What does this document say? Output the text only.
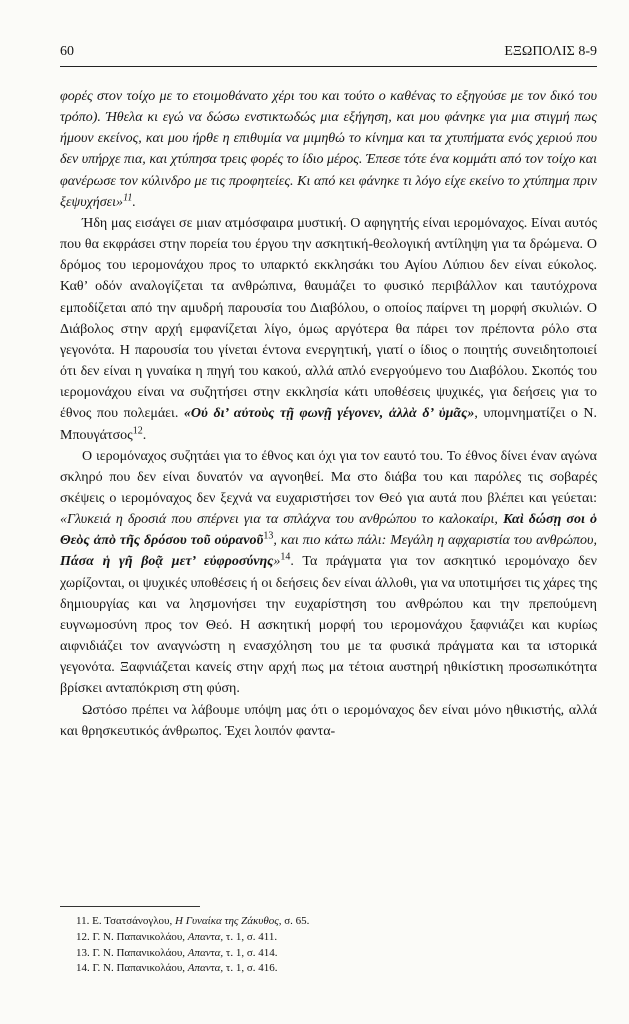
60	ΕΞΩΠΟΛΙΣ 8-9

φορές στον τοίχο με το ετοιμοθάνατο χέρι του και τούτο ο καθένας το εξηγούσε με τον δικό του τρόπο). Ήθελα κι εγώ να δώσω ενστικτωδώς μια εξήγηση, και μου φάνηκε για μια στιγμή πως ήμουν εκείνος, και μου ήρθε η επιθυμία να μιμηθώ το κίνημα και τα χτυπήματα ενός χεριού που δεν υπήρχε πια, και χτύπησα τρεις φορές το ίδιο μέρος. Έπεσε τότε ένα κομμάτι από τον τοίχο και φανέρωσε τον κύλινδρο με τις προφητείες. Κι από κει φάνηκε τι λόγο είχε εκείνο το χτύπημα πριν ξεψυχήσει»$^{11}$.

Ήδη μας εισάγει σε μιαν ατμόσφαιρα μυστική. Ο αφηγητής είναι ιερομόναχος. Είναι αυτός που θα εκφράσει στην πορεία του έργου την ασκητική-θεολογική αντίληψη για τα δρώμενα. Ο δρόμος του ιερομονάχου προς το υπαρκτό εκκλησάκι του Αγίου Λύπιου δεν είναι εύκολος. Καθ’ οδόν αναλογίζεται τα ανθρώπινα, θαυμάζει το φυσικό περιβάλλον και ταυτόχρονα εμποδίζεται από την αμυδρή παρουσία του Διαβόλου, ο οποίος παίρνει τη μορφή σκυλιών. Ο Διάβολος στην αρχή εμφανίζεται λίγο, όμως αργότερα θα πάρει τον πρέποντα ρόλο στα γεγονότα. Η παρουσία του γίνεται έντονα ενεργητική, γιατί ο ίδιος ο ποιητής συνειδητοποιεί ότι δεν είναι η γυναίκα η πηγή του κακού, αλλά απλό ενεργούμενο του Διαβόλου. Σκοπός του ιερομονάχου είναι να συζητήσει στην εκκλησία κάτι υποθέσεις ψυχικές, για δεήσεις για το έθνος που πολεμάει. «Οὐ δι’ αὐτοὺς τῇ φωνῇ γέγονεν, ἀλλὰ δ’ ὑμᾶς», υπομνηματίζει ο Ν. Μπουγάτσος$^{12}$.

Ο ιερομόναχος συζητάει για το έθνος και όχι για τον εαυτό του. Το έθνος δίνει έναν αγώνα σκληρό που δεν είναι δυνατόν να αγνοηθεί. Μα στο διάβα του και παρόλες τις σοβαρές σκέψεις ο ιερομόναχος δεν ξεχνά να ευχαριστήσει τον Θεό για αυτά που βλέπει και γεύεται: «Γλυκειά η δροσιά που σπέρνει για τα σπλάχνα του ανθρώπου το καλοκαίρι, Καὶ δώσῃ σοι ὁ Θεὸς ἀπὸ τῆς δρόσου τοῦ οὐρανοῦ$^{13}$, και πιο κάτω πάλι: Μεγάλη η αφχαριστία του ανθρώπου, Πάσα ἡ γῆ βοᾷ μετ’ εὐφροσύνης»$^{14}$. Τα πράγματα για τον ασκητικό ιερομόναχο δεν χωρίζονται, οι ψυχικές υποθέσεις ή οι δεήσεις δεν είναι άλλοθι, για να υποτιμήσει τις χάρες της δημιουργίας και να λησμονήσει την ευχαρίστηση του ανθρώπου και την πρεπούμενη ευγνωμοσύνη προς τον Θεό. Η ασκητική μορφή του ιερομονάχου ξαφνιάζει και κυρίως αιφνιδιάζει τον αναγνώστη η ενασχόληση του με τα φυσικά πράγματα και τα ιστορικά γεγονότα. Ξαφνιάζεται κανείς στην αρχή πως μα τέτοια αυστηρή ηθικίστικη προσωπικότητα βρίσκει ανταπόκριση στη φύση.

Ωστόσο πρέπει να λάβουμε υπόψη μας ότι ο ιερομόναχος δεν είναι μόνο ηθικιστής, αλλά και θρησκευτικός άνθρωπος. Έχει λοιπόν φαντα-

11. Ε. Τσατσάνογλου, Η Γυναίκα της Ζάκυθος, σ. 65.
12. Γ. Ν. Παπανικολάου, Απαντα, τ. 1, σ. 411.
13. Γ. Ν. Παπανικολάου, Απαντα, τ. 1, σ. 414.
14. Γ. Ν. Παπανικολάου, Απαντα, τ. 1, σ. 416.
